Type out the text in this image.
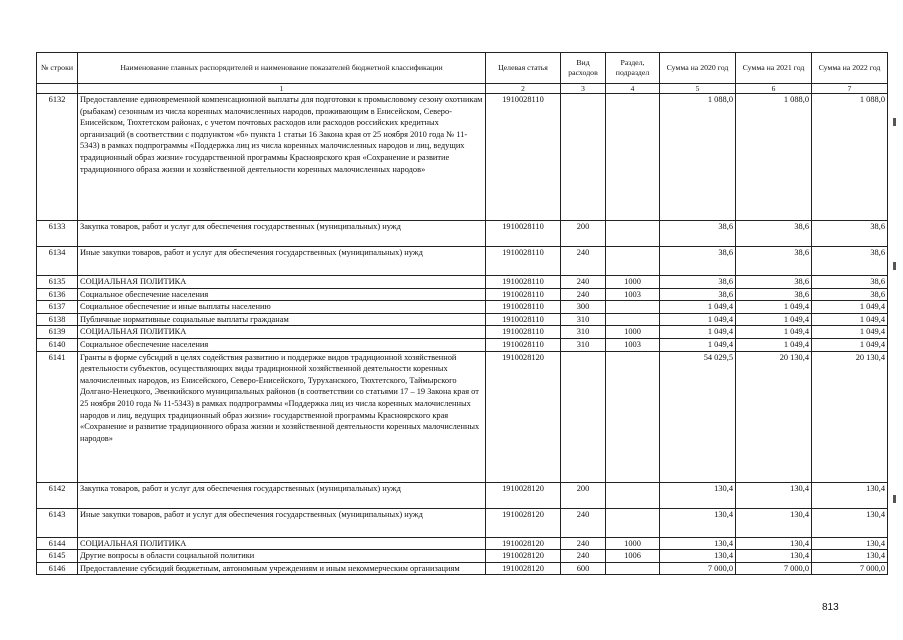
№ строки	Наименование главных распорядителей и наименование показателей бюджетной классификации	Целевая статья	Вид расходов	Раздел, подраздел	Сумма на 2020 год	Сумма на 2021 год	Сумма на 2022 год
	1	2	3	4	5	6	7
6132	Предоставление единовременной компенсационной выплаты для подготовки к промысловому сезону охотникам (рыбакам) сезонным из числа коренных малочисленных народов, проживающим в Енисейском, Северо-Енисейском, Тюхтетском районах, с учетом почтовых расходов или расходов российских кредитных организаций (в соответствии с подпунктом «б» пункта 1 статьи 16 Закона края от 25 ноября 2010 года № 11-5343) в рамках подпрограммы «Поддержка лиц из числа коренных малочисленных народов и лиц, ведущих традиционный образ жизни» государственной программы Красноярского края «Сохранение и развитие традиционного образа жизни и хозяйственной деятельности коренных малочисленных народов»	1910028110			1 088,0	1 088,0	1 088,0
6133	Закупка товаров, работ и услуг для обеспечения государственных (муниципальных) нужд	1910028110	200		38,6	38,6	38,6
6134	Иные закупки товаров, работ и услуг для обеспечения государственных (муниципальных) нужд	1910028110	240		38,6	38,6	38,6
6135	СОЦИАЛЬНАЯ ПОЛИТИКА	1910028110	240	1000	38,6	38,6	38,6
6136	Социальное обеспечение населения	1910028110	240	1003	38,6	38,6	38,6
6137	Социальное обеспечение и иные выплаты населению	1910028110	300		1 049,4	1 049,4	1 049,4
6138	Публичные нормативные социальные выплаты гражданам	1910028110	310		1 049,4	1 049,4	1 049,4
6139	СОЦИАЛЬНАЯ ПОЛИТИКА	1910028110	310	1000	1 049,4	1 049,4	1 049,4
6140	Социальное обеспечение населения	1910028110	310	1003	1 049,4	1 049,4	1 049,4
6141	Гранты в форме субсидий в целях содействия развитию и поддержке видов традиционной хозяйственной деятельности субъектов, осуществляющих виды традиционной хозяйственной деятельности коренных малочисленных народов, из Енисейского, Северо-Енисейского, Туруханского, Тюхтетского, Таймырского Долгано-Ненецкого, Эвенкийского муниципальных районов (в соответствии со статьями 17 – 19 Закона края от 25 ноября 2010 года № 11-5343) в рамках подпрограммы «Поддержка лиц из числа коренных малочисленных народов и лиц, ведущих традиционный образ жизни» государственной программы Красноярского края «Сохранение и развитие традиционного образа жизни и хозяйственной деятельности коренных малочисленных народов»	1910028120			54 029,5	20 130,4	20 130,4
6142	Закупка товаров, работ и услуг для обеспечения государственных (муниципальных) нужд	1910028120	200		130,4	130,4	130,4
6143	Иные закупки товаров, работ и услуг для обеспечения государственных (муниципальных) нужд	1910028120	240		130,4	130,4	130,4
6144	СОЦИАЛЬНАЯ ПОЛИТИКА	1910028120	240	1000	130,4	130,4	130,4
6145	Другие вопросы в области социальной политики	1910028120	240	1006	130,4	130,4	130,4
6146	Предоставление субсидий бюджетным, автономным учреждениям и иным некоммерческим организациям	1910028120	600		7 000,0	7 000,0	7 000,0
813
